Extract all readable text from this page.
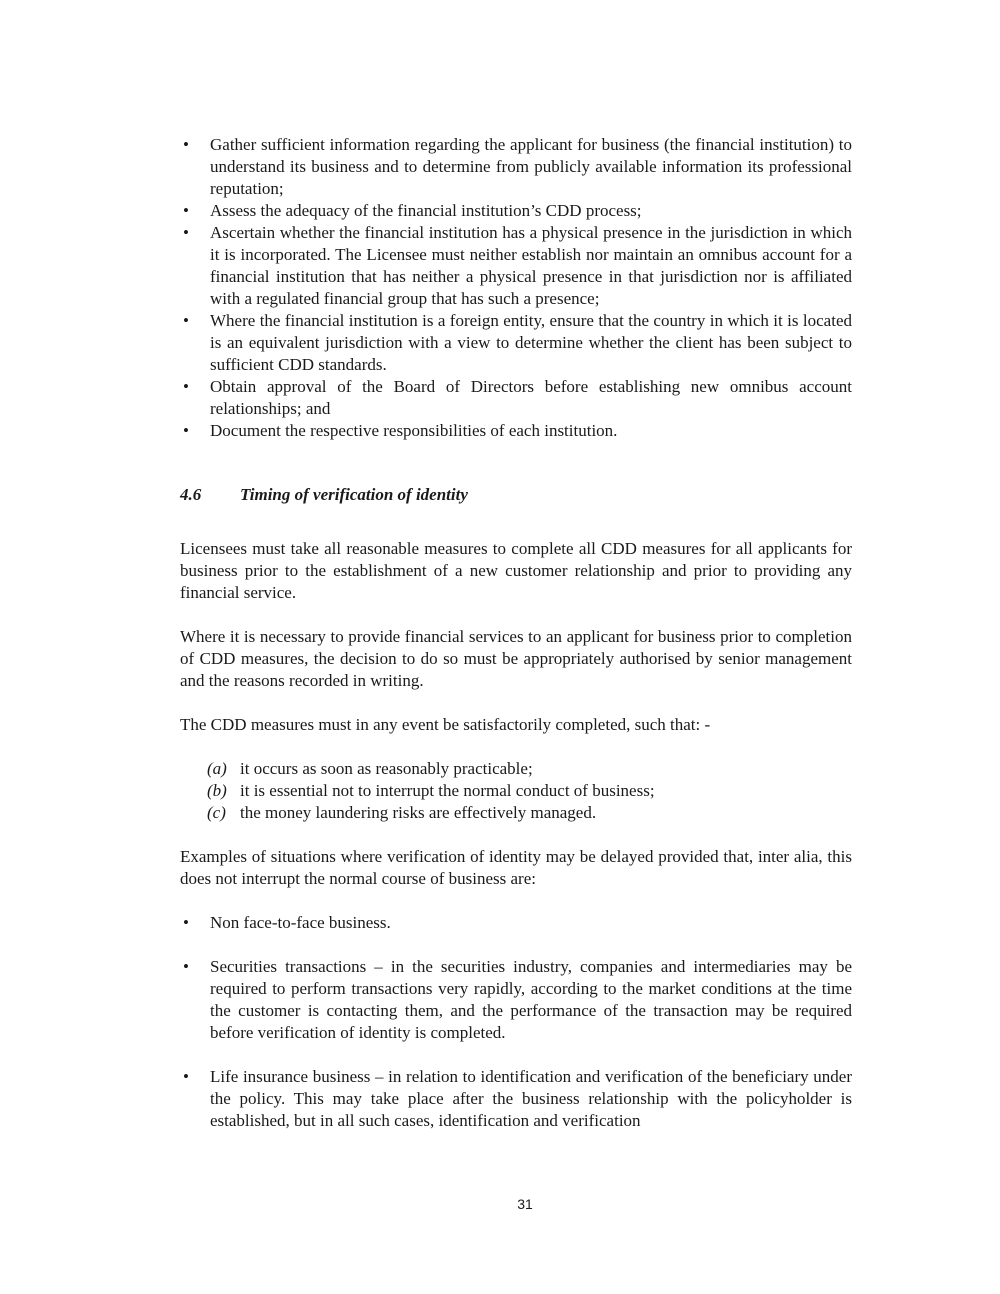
• Gather sufficient information regarding the applicant for business (the financial institution) to understand its business and to determine from publicly available information its professional reputation;
• Assess the adequacy of the financial institution’s CDD process;
• Ascertain whether the financial institution has a physical presence in the jurisdiction in which it is incorporated. The Licensee must neither establish nor maintain an omnibus account for a financial institution that has neither a physical presence in that jurisdiction nor is affiliated with a regulated financial group that has such a presence;
• Where the financial institution is a foreign entity, ensure that the country in which it is located is an equivalent jurisdiction with a view to determine whether the client has been subject to sufficient CDD standards.
• Obtain approval of the Board of Directors before establishing new omnibus account relationships; and
• Document the respective responsibilities of each institution.
4.6	Timing of verification of identity

Licensees must take all reasonable measures to complete all CDD measures for all applicants for business prior to the establishment of a new customer relationship and prior to providing any financial service.

Where it is necessary to provide financial services to an applicant for business prior to completion of CDD measures, the decision to do so must be appropriately authorised by senior management and the reasons recorded in writing.

The CDD measures must in any event be satisfactorily completed, such that: -

(a) it occurs as soon as reasonably practicable;
(b) it is essential not to interrupt the normal conduct of business;
(c) the money laundering risks are effectively managed.

Examples of situations where verification of identity may be delayed provided that, inter alia, this does not interrupt the normal course of business are:

• Non face-to-face business.
• Securities transactions – in the securities industry, companies and intermediaries may be required to perform transactions very rapidly, according to the market conditions at the time the customer is contacting them, and the performance of the transaction may be required before verification of identity is completed.
• Life insurance business – in relation to identification and verification of the beneficiary under the policy. This may take place after the business relationship with the policyholder is established, but in all such cases, identification and verification
31
